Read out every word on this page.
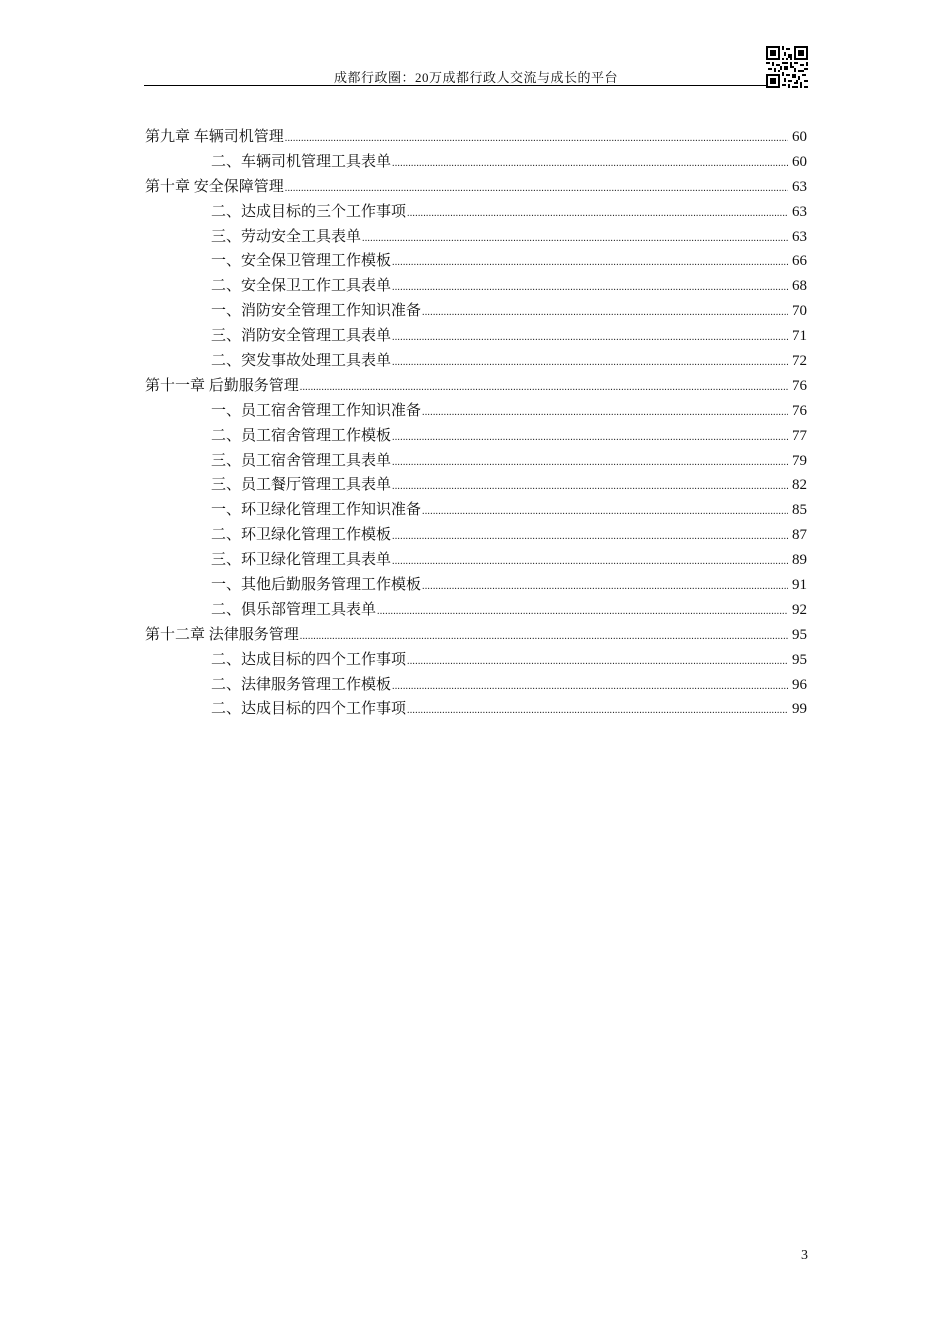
成都行政圈：20万成都行政人交流与成长的平台
第九章 车辆司机管理 .....	60
二、车辆司机管理工具表单 .....	60
第十章 安全保障管理 .....	63
二、达成目标的三个工作事项 .....	63
三、劳动安全工具表单 .....	63
一、安全保卫管理工作模板 .....	66
二、安全保卫工作工具表单 .....	68
一、消防安全管理工作知识准备 .....	70
三、消防安全管理工具表单 .....	71
二、突发事故处理工具表单 .....	72
第十一章 后勤服务管理 .....	76
一、员工宿舍管理工作知识准备 .....	76
二、员工宿舍管理工作模板 .....	77
三、员工宿舍管理工具表单 .....	79
三、员工餐厅管理工具表单 .....	82
一、环卫绿化管理工作知识准备 .....	85
二、环卫绿化管理工作模板 .....	87
三、环卫绿化管理工具表单 .....	89
一、其他后勤服务管理工作模板 .....	91
二、俱乐部管理工具表单 .....	92
第十二章 法律服务管理 .....	95
二、达成目标的四个工作事项 .....	95
二、法律服务管理工作模板 .....	96
二、达成目标的四个工作事项 .....	99
3
